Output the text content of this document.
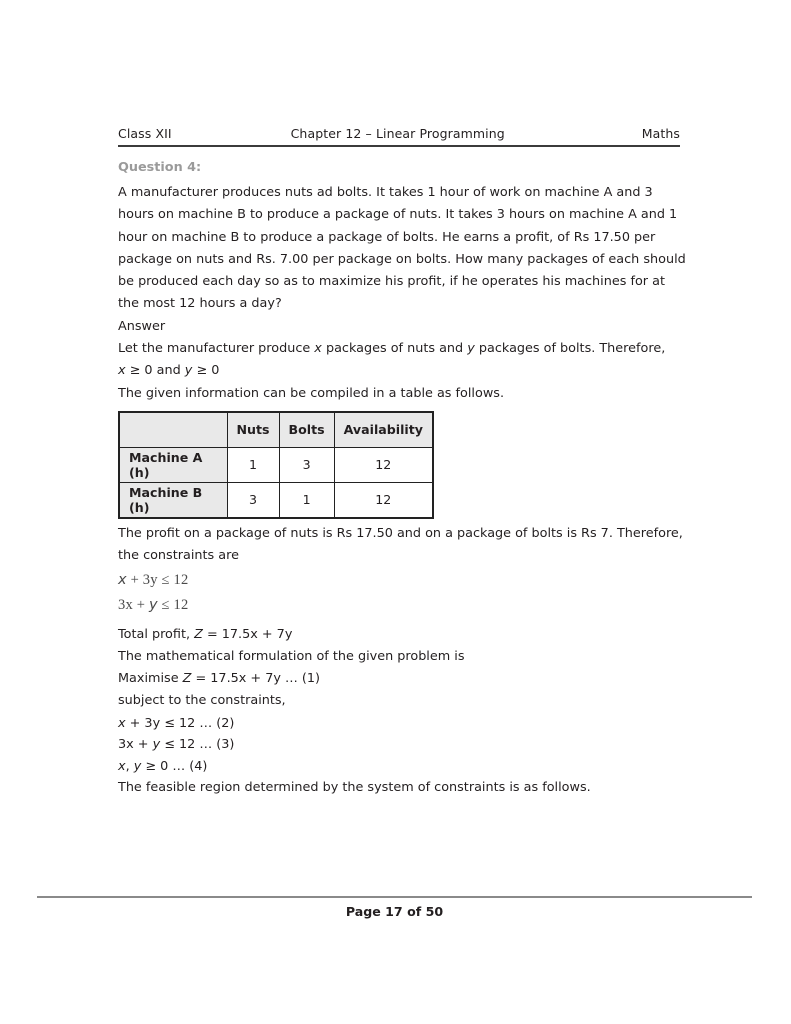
Class XII	Chapter 12 – Linear Programming	Maths

Question 4:

A manufacturer produces nuts ad bolts. It takes 1 hour of work on machine A and 3 hours on machine B to produce a package of nuts. It takes 3 hours on machine A and 1 hour on machine B to produce a package of bolts. He earns a profit, of Rs 17.50 per package on nuts and Rs. 7.00 per package on bolts. How many packages of each should be produced each day so as to maximize his profit, if he operates his machines for at the most 12 hours a day?

Answer

Let the manufacturer produce x packages of nuts and y packages of bolts. Therefore,

x ≥ 0 and y ≥ 0

The given information can be compiled in a table as follows.

	Nuts	Bolts	Availability
Machine A (h)	1	3	12
Machine B (h)	3	1	12

The profit on a package of nuts is Rs 17.50 and on a package of bolts is Rs 7. Therefore,

the constraints are

x + 3y ≤ 12

3x + y ≤ 12

Total profit, Z = 17.5x + 7y

The mathematical formulation of the given problem is

Maximise Z = 17.5x + 7y … (1)

subject to the constraints,

x + 3y ≤ 12 … (2)

3x + y ≤ 12 … (3)

x, y ≥ 0 … (4)

The feasible region determined by the system of constraints is as follows.

Page 17 of 50
